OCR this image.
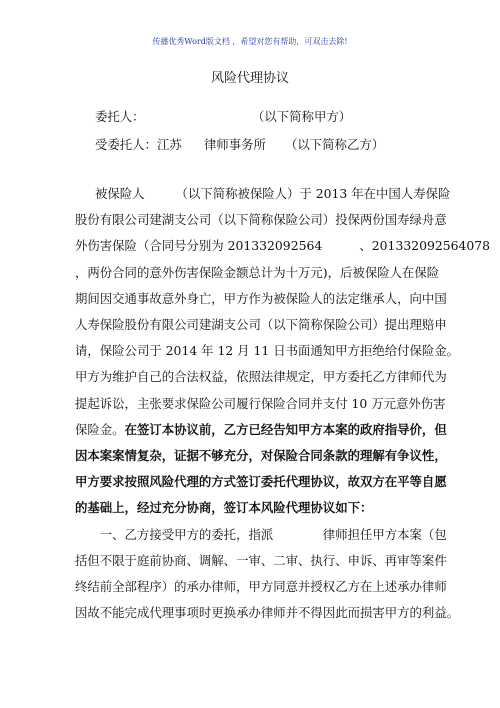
传播优秀Word版文档 ，希望对您有帮助，可双击去除!
风险代理协议
委托人：	（以下简称甲方）
受委托人：江苏 律师事务所 （以下简称乙方）
被保险人　　　（以下简称被保险人）于 2013 年在中国人寿保险
股份有限公司建湖支公司（以下简称保险公司）投保两份国寿绿舟意
外伤害保险（合同号分别为 201332092564　　　、201332092564078
，两份合同的意外伤害保险金额总计为十万元)，后被保险人在保险
期间因交通事故意外身亡，甲方作为被保险人的法定继承人，向中国
人寿保险股份有限公司建湖支公司（以下简称保险公司）提出理赔申
请，保险公司于 2014 年 12 月 11 日书面通知甲方拒绝给付保险金。
甲方为维护自己的合法权益，依照法律规定，甲方委托乙方律师代为
提起诉讼，主张要求保险公司履行保险合同并支付 10 万元意外伤害
保险金。在签订本协议前，乙方已经告知甲方本案的政府指导价，但
因本案案情复杂，证据不够充分，对保险合同条款的理解有争议性，
甲方要求按照风险代理的方式签订委托代理协议，故双方在平等自愿
的基础上，经过充分协商，签订本风险代理协议如下：
　　一、乙方接受甲方的委托，指派　　　　律师担任甲方本案（包
括但不限于庭前协商、调解、一审、二审、执行、申诉、再审等案件
终结前全部程序）的承办律师，甲方同意并授权乙方在上述承办律师
因故不能完成代理事项时更换承办律师并不得因此而损害甲方的利益。
